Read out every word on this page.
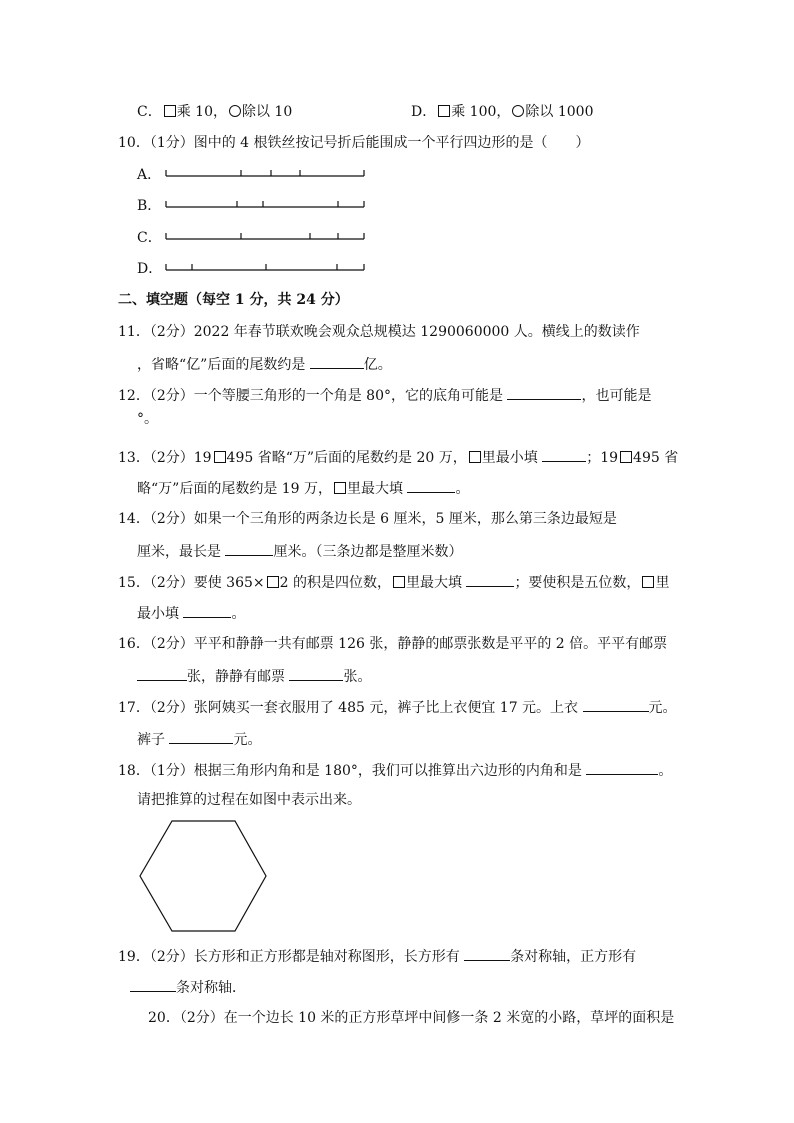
C． 乘 10， 除以 10	D． 乘 100， 除以 1000
10．（1分）图中的 4 根铁丝按记号折后能围成一个平行四边形的是（　　）
A．
B．
C．
D．
二、填空题（每空 1 分，共 24 分）
11．（2分）2022 年春节联欢晚会观众总规模达 1290060000 人。横线上的数读作
，省略“亿”后面的尾数约是	亿。
12．（2分）一个等腰三角形的一个角是 80°，它的底角可能是	，也可能是
°。
13．（2分）19 495 省略“万”后面的尾数约是 20 万， 里最小填	；19 495 省
略“万”后面的尾数约是 19 万， 里最大填	。
14．（2分）如果一个三角形的两条边长是 6 厘米，5 厘米，那么第三条边最短是
厘米，最长是	厘米。（三条边都是整厘米数）
15．（2分）要使 365× 2 的积是四位数， 里最大填	；要使积是五位数， 里
最小填	。
16．（2分）平平和静静一共有邮票 126 张，静静的邮票张数是平平的 2 倍。平平有邮票
张，静静有邮票	张。
17．（2分）张阿姨买一套衣服用了 485 元，裤子比上衣便宜 17 元。上衣	元。
裤子	元。
18．（1分）根据三角形内角和是 180°，我们可以推算出六边形的内角和是	。
请把推算的过程在如图中表示出来。
19．（2分）长方形和正方形都是轴对称图形，长方形有	条对称轴，正方形有
条对称轴．
20．（2分）在一个边长 10 米的正方形草坪中间修一条 2 米宽的小路，草坪的面积是
